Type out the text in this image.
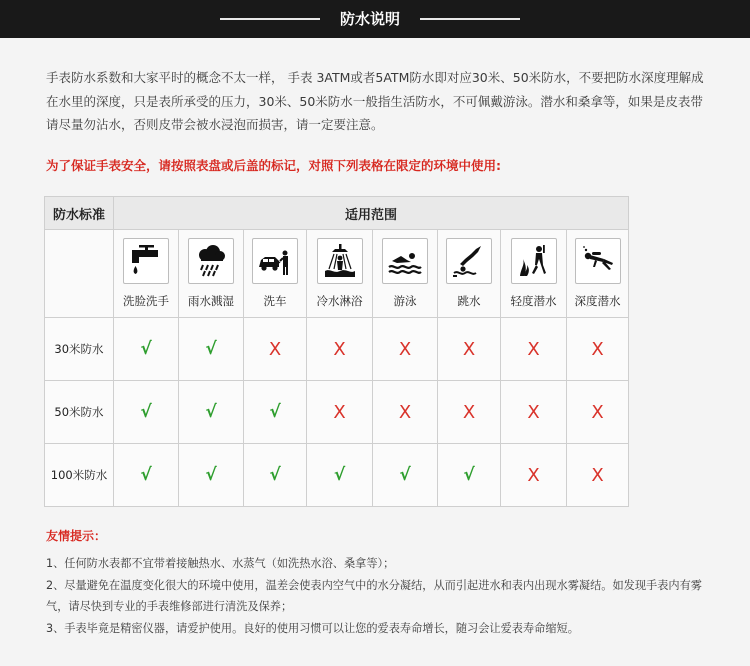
防水说明

手表防水系数和大家平时的概念不太一样， 手表 3ATM或者5ATM防水即对应30米、50米防水，不要把防水深度理解成在水里的深度，只是表所承受的压力，30米、50米防水一般指生活防水，不可佩戴游泳。潜水和桑拿等，如果是皮表带请尽量勿沾水，否则皮带会被水浸泡而损害，请一定要注意。

为了保证手表安全，请按照表盘或后盖的标记，对照下列表格在限定的环境中使用:

防水标准	适用范围							

	洗脸洗手	雨水溅湿	洗车	冷水淋浴	游泳	跳水	轻度潜水	深度潜水

30米防水	√	√	X	X	X	X	X	X
50米防水	√	√	√	X	X	X	X	X
100米防水	√	√	√	√	√	√	X	X

友情提示：

1、任何防水表都不宜带着接触热水、水蒸气（如洗热水浴、桑拿等）；
2、尽量避免在温度变化很大的环境中使用，温差会使表内空气中的水分凝结，从而引起进水和表内出现水雾凝结。如发现手表内有雾气，请尽快到专业的手表维修部进行清洗及保养；
3、手表毕竟是精密仪器，请爱护使用。良好的使用习惯可以让您的爱表寿命增长，随习会让爱表寿命缩短。
